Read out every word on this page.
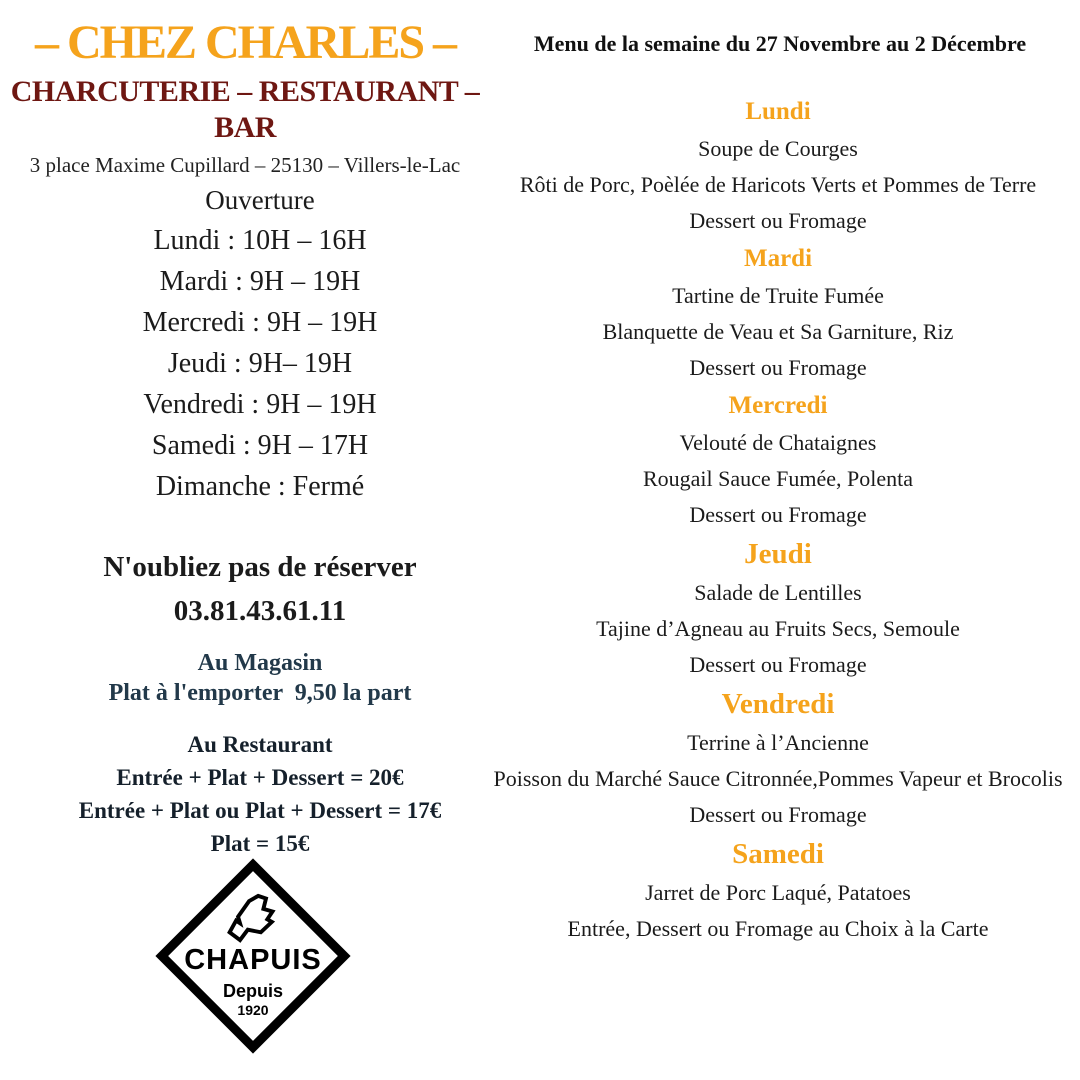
– CHEZ CHARLES –
CHARCUTERIE – RESTAURANT – BAR
3 place Maxime Cupillard – 25130 – Villers-le-Lac
Menu de la semaine du 27 Novembre au 2 Décembre
Ouverture
Lundi : 10H – 16H
Mardi : 9H – 19H
Mercredi : 9H – 19H
Jeudi : 9H– 19H
Vendredi : 9H – 19H
Samedi : 9H – 17H
Dimanche : Fermé
N'oubliez pas de réserver
03.81.43.61.11
Au Magasin
Plat à l'emporter  9,50 la part
Au Restaurant
Entrée + Plat + Dessert = 20€
Entrée + Plat ou Plat + Dessert = 17€
Plat = 15€
CHAPUIS
Depuis
1920
Lundi
Soupe de Courges
Rôti de Porc, Poèlée de Haricots Verts et Pommes de Terre
Dessert ou Fromage
Mardi
Tartine de Truite Fumée
Blanquette de Veau et Sa Garniture, Riz
Dessert ou Fromage
Mercredi
Velouté de Chataignes
Rougail Sauce Fumée, Polenta
Dessert ou Fromage
Jeudi
Salade de Lentilles
Tajine d’Agneau au Fruits Secs, Semoule
Dessert ou Fromage
Vendredi
Terrine à l’Ancienne
Poisson du Marché Sauce Citronnée,Pommes Vapeur et Brocolis
Dessert ou Fromage
Samedi
Jarret de Porc Laqué, Patatoes
Entrée, Dessert ou Fromage au Choix à la Carte
